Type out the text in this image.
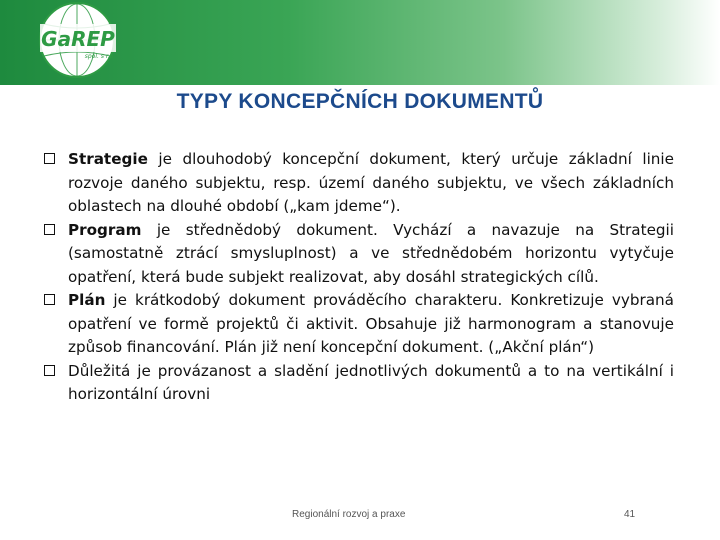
GaREP
spol. s r.o.
TYPY KONCEPČNÍCH DOKUMENTŮ
Strategie je dlouhodobý koncepční dokument, který určuje základní linie rozvoje daného subjektu, resp. území daného subjektu, ve všech základních oblastech na dlouhé období („kam jdeme“).
Program je střednědobý dokument. Vychází a navazuje na Strategii (samostatně ztrácí smysluplnost) a ve střednědobém horizontu vytyčuje opatření, která bude subjekt realizovat, aby dosáhl strategických cílů.
Plán je krátkodobý dokument prováděcího charakteru. Konkretizuje vybraná opatření ve formě projektů či aktivit. Obsahuje již harmonogram a stanovuje způsob financování. Plán již není koncepční dokument. („Akční plán“)
Důležitá je provázanost a sladění jednotlivých dokumentů a to na vertikální i horizontální úrovni
Regionální rozvoj a praxe	41
